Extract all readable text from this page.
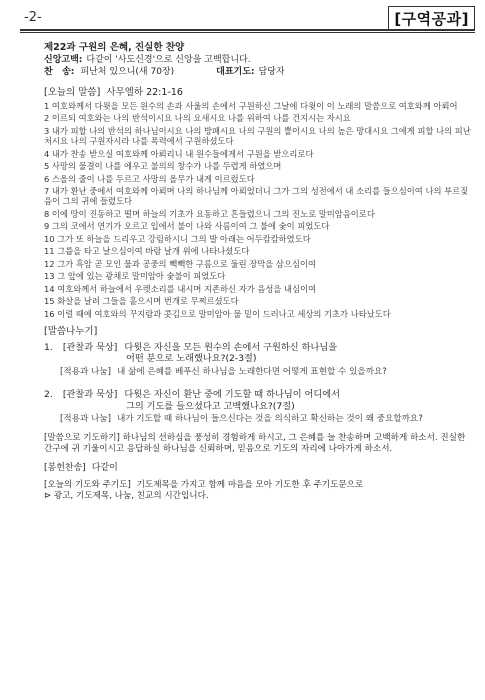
-2-	[구역공과]
제22과 구원의 은혜, 진실한 찬양
신앙고백: 다같이 '사도신경'으로 신앙을 고백합니다.
찬   송: 피난처 있으니(새 70장)	대표기도: 담당자
[오늘의 말씀] 사무엘하 22:1-16
1 여호와께서 다윗을 모든 원수의 손과 사울의 손에서 구원하신 그날에 다윗이 이 노래의 말씀으로 여호와께 아뢰어
2 이르되 여호와는 나의 반석이시요 나의 요새시요 나를 위하여 나를 건지시는 자시요
3 내가 피할 나의 반석의 하나님이시요 나의 방패시요 나의 구원의 뿔이시요 나의 높은 망대시요 그에게 피할 나의 피난처시요 나의 구원자시라 나를 폭력에서 구원하셨도다
4 내가 찬송 받으실 여호와께 아뢰리니 내 원수들에게서 구원을 받으리로다
5 사망의 물결이 나를 에우고 불의의 창수가 나를 두렵게 하였으며
6 스올의 줄이 나를 두르고 사망의 올무가 내게 이르렀도다
7 내가 환난 중에서 여호와께 아뢰며 나의 하나님께 아뢰었더니 그가 그의 성전에서 내 소리를 들으심이여 나의 부르짖음이 그의 귀에 들렸도다
8 이에 땅이 진동하고 떨며 하늘의 기초가 요동하고 흔들렸으니 그의 진노로 말미암음이로다
9 그의 코에서 연기가 오르고 입에서 불이 나와 사름이여 그 불에 숯이 피었도다
10 그가 또 하늘을 드리우고 강림하시니 그의 발 아래는 어두캄캄하였도다
11 그룹을 타고 날으심이여 바람 날개 위에 나타나셨도다
12 그가 흑암 곧 모인 물과 공중의 빽빽한 구름으로 둘린 장막을 삼으심이여
13 그 앞에 있는 광채로 말미암아 숯불이 피었도다
14 여호와께서 하늘에서 우렛소리를 내시며 지존하신 자가 음성을 내심이여
15 화살을 날려 그들을 흩으시며 번개로 무찌르셨도다
16 이럴 때에 여호와의 꾸지람과 콧김으로 말미암아 물 밑이 드러나고 세상의 기초가 나타났도다
[말씀나누기]
1. [관찰과 묵상] 다윗은 자신을 모든 원수의 손에서 구원하신 하나님을
어떤 분으로 노래했나요?(2-3절)
[적용과 나눔] 내 삶에 은혜를 베푸신 하나님을 노래한다면 어떻게 표현할 수 있을까요?
2. [관찰과 묵상] 다윗은 자신이 환난 중에 기도할 때 하나님이 어디에서
그의 기도를 들으셨다고 고백했나요?(7절)
[적용과 나눔] 내가 기도할 때 하나님이 들으신다는 것을 의식하고 확신하는 것이 왜 중요할까요?
[말씀으로 기도하기] 하나님의 선하심을 풍성히 경험하게 하시고, 그 은혜를 늘 찬송하며 고백하게 하소서. 진실한 간구에 귀 기울이시고 응답하실 하나님을 신뢰하며, 믿음으로 기도의 자리에 나아가게 하소서.
[봉헌찬송] 다같이
[오늘의 기도와 주기도] 기도제목을 가지고 함께 마음을 모아 기도한 후 주기도문으로
⊳ 광고, 기도제목, 나눔, 친교의 시간입니다.
